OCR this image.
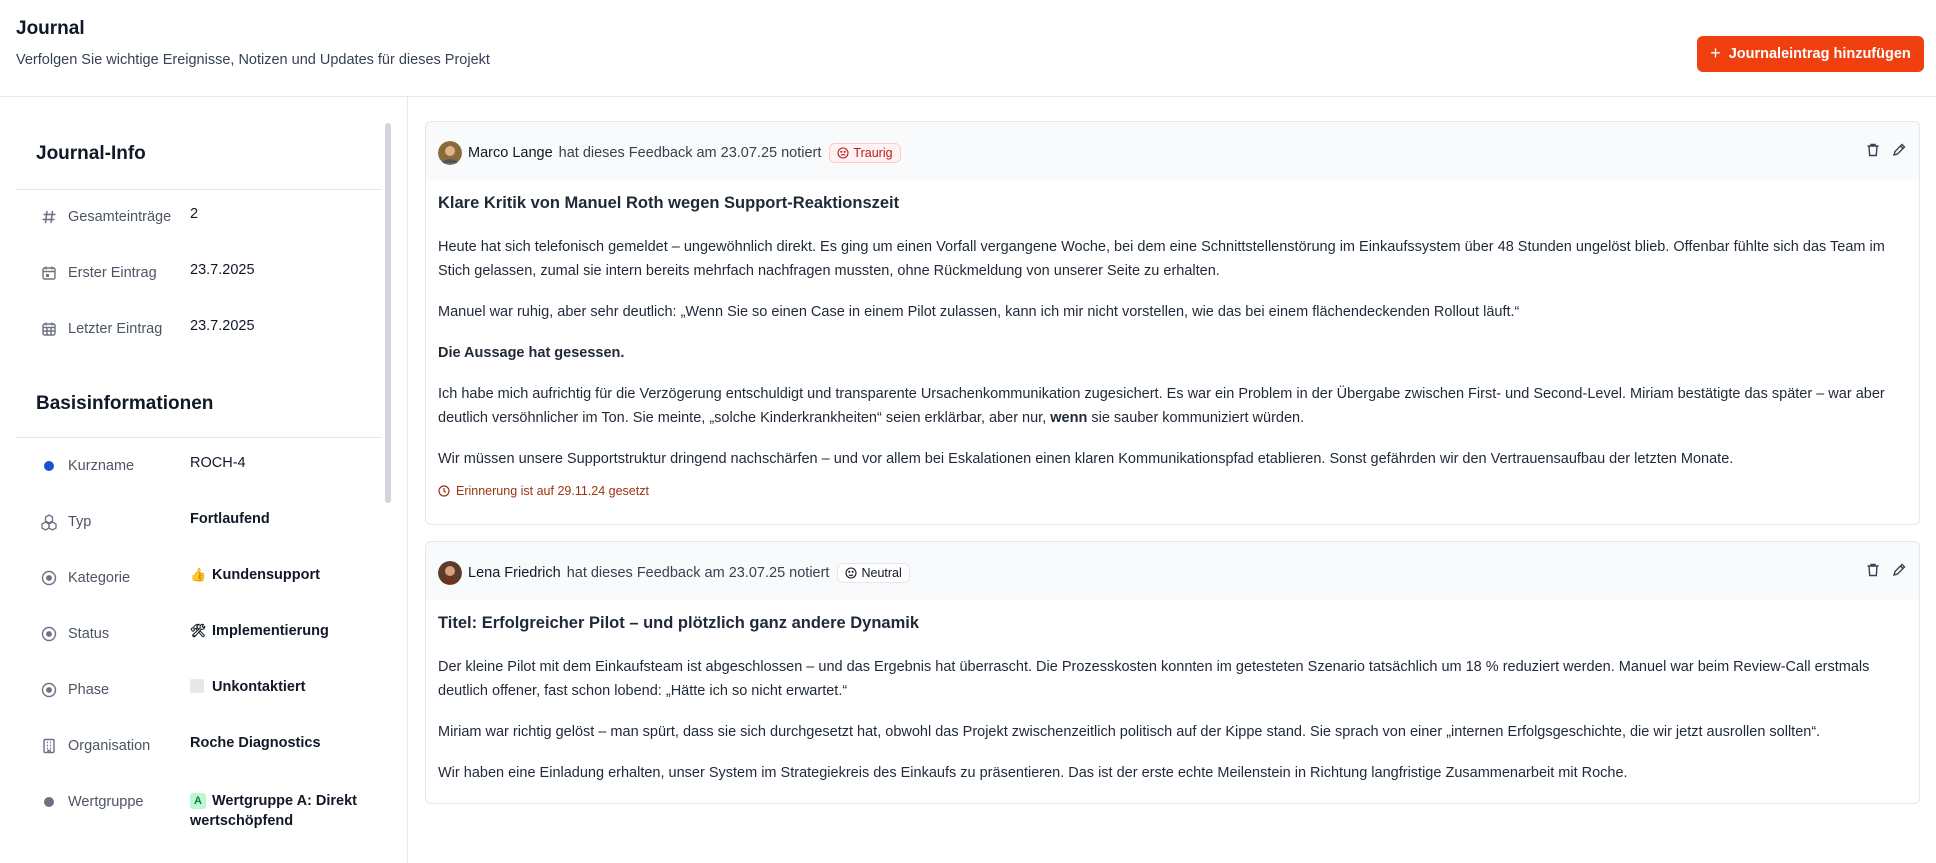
Journal
Verfolgen Sie wichtige Ereignisse, Notizen und Updates für dieses Projekt	+ Journaleintrag hinzufügen
Journal-Info
Gesamteinträge 2
Erster Eintrag 23.7.2025
Letzter Eintrag 23.7.2025
Basisinformationen
Kurzname	ROCH-4
Typ	Fortlaufend
Kategorie	👍 Kundensupport
Status	🛠 Implementierung
Phase	Unkontaktiert
Organisation	Roche Diagnostics
Wertgruppe	A Wertgruppe A: Direkt
wertschöpfend
Marco Lange hat dieses Feedback am 23.07.25 notiert	Traurig
Klare Kritik von Manuel Roth wegen Support-Reaktionszeit
Heute hat sich telefonisch gemeldet – ungewöhnlich direkt. Es ging um einen Vorfall vergangene Woche, bei dem eine Schnittstellenstörung im Einkaufssystem über 48 Stunden ungelöst blieb. Offenbar fühlte sich das Team im Stich gelassen, zumal sie intern bereits mehrfach nachfragen mussten, ohne Rückmeldung von unserer Seite zu erhalten.
Manuel war ruhig, aber sehr deutlich: „Wenn Sie so einen Case in einem Pilot zulassen, kann ich mir nicht vorstellen, wie das bei einem flächendeckenden Rollout läuft.“
Die Aussage hat gesessen.
Ich habe mich aufrichtig für die Verzögerung entschuldigt und transparente Ursachenkommunikation zugesichert. Es war ein Problem in der Übergabe zwischen First- und Second-Level. Miriam bestätigte das später – war aber deutlich versöhnlicher im Ton. Sie meinte, „solche Kinderkrankheiten“ seien erklärbar, aber nur, wenn sie sauber kommuniziert würden.
Wir müssen unsere Supportstruktur dringend nachschärfen – und vor allem bei Eskalationen einen klaren Kommunikationspfad etablieren. Sonst gefährden wir den Vertrauensaufbau der letzten Monate.
Erinnerung ist auf 29.11.24 gesetzt
Lena Friedrich hat dieses Feedback am 23.07.25 notiert	Neutral
Titel: Erfolgreicher Pilot – und plötzlich ganz andere Dynamik
Der kleine Pilot mit dem Einkaufsteam ist abgeschlossen – und das Ergebnis hat überrascht. Die Prozesskosten konnten im getesteten Szenario tatsächlich um 18 % reduziert werden. Manuel war beim Review-Call erstmals deutlich offener, fast schon lobend: „Hätte ich so nicht erwartet.“
Miriam war richtig gelöst – man spürt, dass sie sich durchgesetzt hat, obwohl das Projekt zwischenzeitlich politisch auf der Kippe stand. Sie sprach von einer „internen Erfolgsgeschichte, die wir jetzt ausrollen sollten“.
Wir haben eine Einladung erhalten, unser System im Strategiekreis des Einkaufs zu präsentieren. Das ist der erste echte Meilenstein in Richtung langfristige Zusammenarbeit mit Roche.
